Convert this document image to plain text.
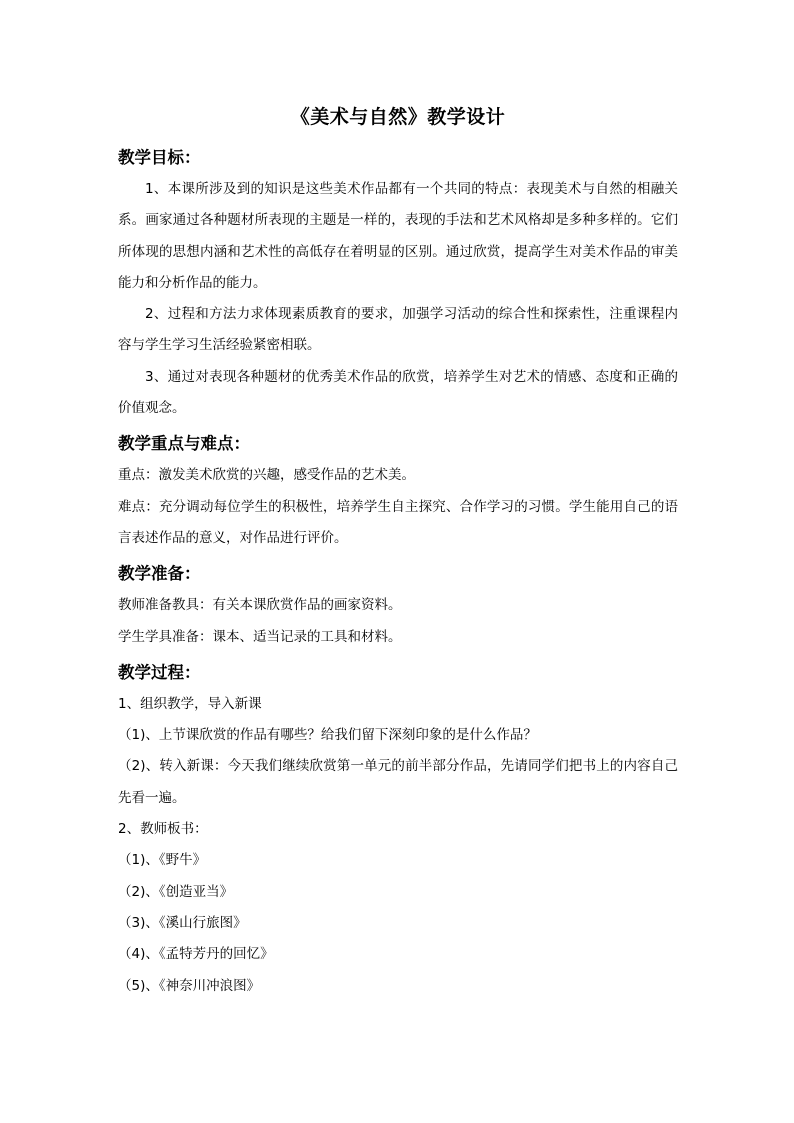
《美术与自然》教学设计
教学目标：

1、本课所涉及到的知识是这些美术作品都有一个共同的特点：表现美术与自然的相融关系。画家通过各种题材所表现的主题是一样的，表现的手法和艺术风格却是多种多样的。它们所体现的思想内涵和艺术性的高低存在着明显的区别。通过欣赏，提高学生对美术作品的审美能力和分析作品的能力。

2、过程和方法力求体现素质教育的要求，加强学习活动的综合性和探索性，注重课程内容与学生学习生活经验紧密相联。

3、通过对表现各种题材的优秀美术作品的欣赏，培养学生对艺术的情感、态度和正确的价值观念。

教学重点与难点：

重点：激发美术欣赏的兴趣，感受作品的艺术美。

难点：充分调动每位学生的积极性，培养学生自主探究、合作学习的习惯。学生能用自己的语言表述作品的意义，对作品进行评价。

教学准备：

教师准备教具：有关本课欣赏作品的画家资料。

学生学具准备：课本、适当记录的工具和材料。

教学过程：

1、组织教学，导入新课

（1)、上节课欣赏的作品有哪些？给我们留下深刻印象的是什么作品？

（2)、转入新课：今天我们继续欣赏第一单元的前半部分作品，先请同学们把书上的内容自己先看一遍。

2、教师板书：

（1)、《野牛》

（2)、《创造亚当》

（3)、《溪山行旅图》

（4)、《孟特芳丹的回忆》

（5)、《神奈川冲浪图》
